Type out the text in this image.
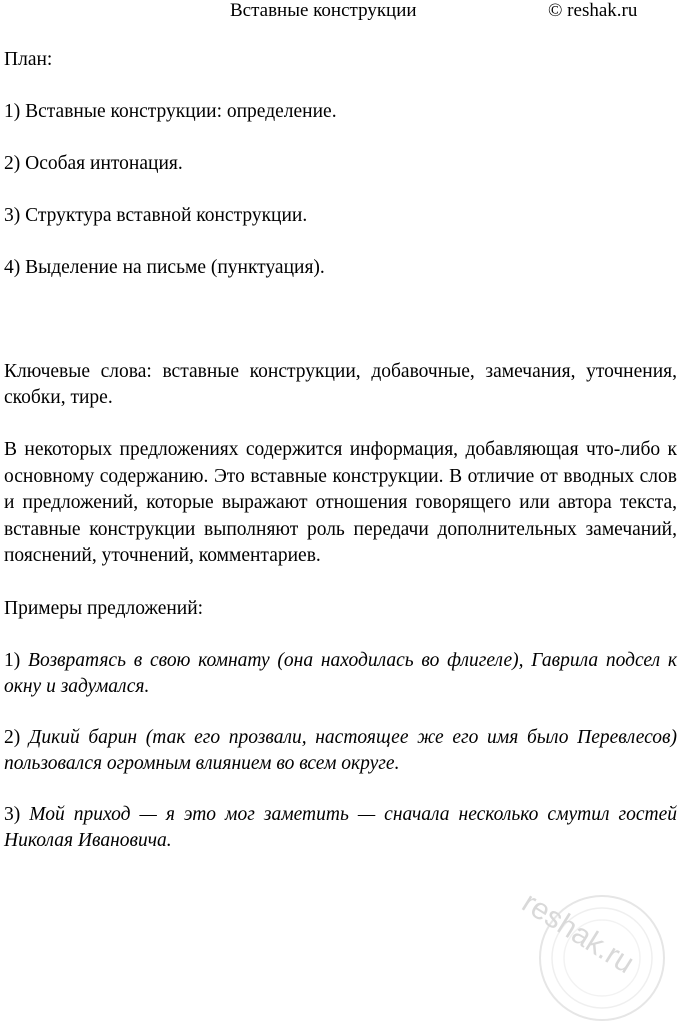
Вставные конструкции	© reshak.ru

План:

1) Вставные конструкции: определение.

2) Особая интонация.

3) Структура вставной конструкции.

4) Выделение на письме (пунктуация).

Ключевые слова: вставные конструкции, добавочные, замечания, уточнения, скобки, тире.

В некоторых предложениях содержится информация, добавляющая что-либо к основному содержанию. Это вставные конструкции. В отличие от вводных слов и предложений, которые выражают отношения говорящего или автора текста, вставные конструкции выполняют роль передачи дополнительных замечаний, пояснений, уточнений, комментариев.

Примеры предложений:

1) Возвратясь в свою комнату (она находилась во флигеле), Гаврила подсел к окну и задумался.

2) Дикий барин (так его прозвали, настоящее же его имя было Перевлесов) пользовался огромным влиянием во всем округе.

3) Мой приход — я это мог заметить — сначала несколько смутил гостей Николая Ивановича.

reshak.ru
